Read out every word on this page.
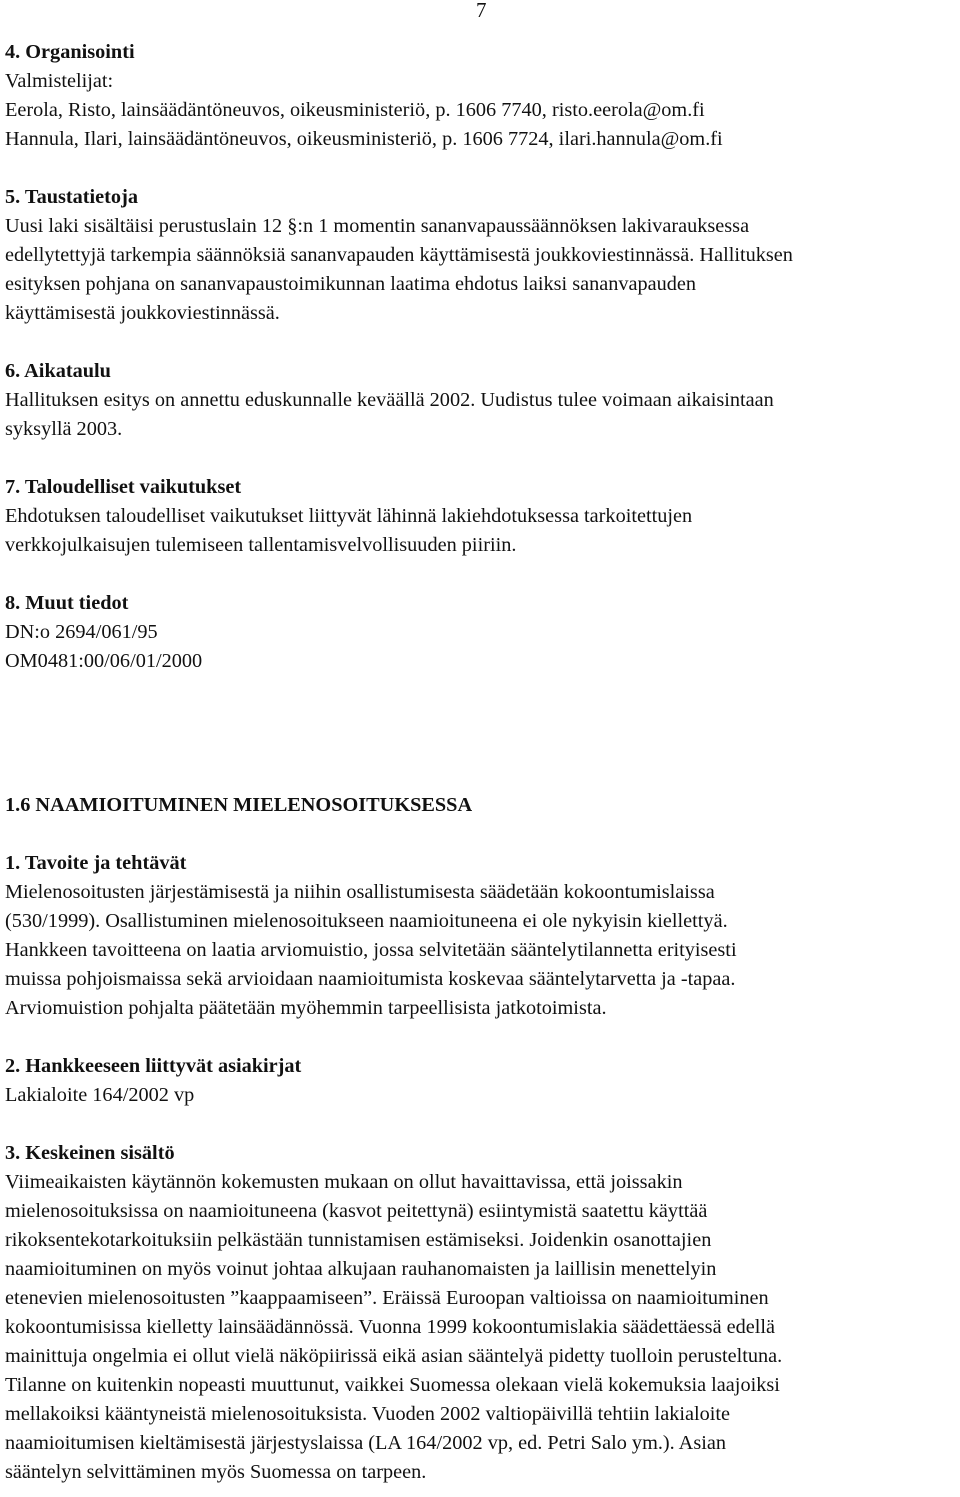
7
4. Organisointi
Valmistelijat:
Eerola, Risto, lainsäädäntöneuvos, oikeusministeriö, p. 1606 7740, risto.eerola@om.fi
Hannula, Ilari, lainsäädäntöneuvos, oikeusministeriö, p. 1606 7724, ilari.hannula@om.fi
5. Taustatietoja
Uusi laki sisältäisi perustuslain 12 §:n 1 momentin sananvapaussäännöksen lakivarauksessa
edellytettyjä tarkempia säännöksiä sananvapauden käyttämisestä joukkoviestinnässä. Hallituksen
esityksen pohjana on sananvapaustoimikunnan laatima ehdotus laiksi sananvapauden
käyttämisestä joukkoviestinnässä.
6. Aikataulu
Hallituksen esitys on annettu eduskunnalle keväällä 2002. Uudistus tulee voimaan aikaisintaan
syksyllä 2003.
7. Taloudelliset vaikutukset
Ehdotuksen taloudelliset vaikutukset liittyvät lähinnä lakiehdotuksessa tarkoitettujen
verkkojulkaisujen tulemiseen tallentamisvelvollisuuden piiriin.
8. Muut tiedot
DN:o 2694/061/95
OM0481:00/06/01/2000
1.6 NAAMIOITUMINEN MIELENOSOITUKSESSA
1. Tavoite ja tehtävät
Mielenosoitusten järjestämisestä ja niihin osallistumisesta säädetään kokoontumislaissa
(530/1999). Osallistuminen mielenosoitukseen naamioituneena ei ole nykyisin kiellettyä.
Hankkeen tavoitteena on laatia arviomuistio, jossa selvitetään sääntelytilannetta erityisesti
muissa pohjoismaissa sekä arvioidaan naamioitumista koskevaa sääntelytarvetta ja -tapaa.
Arviomuistion pohjalta päätetään myöhemmin tarpeellisista jatkotoimista.
2. Hankkeeseen liittyvät asiakirjat
Lakialoite 164/2002 vp
3. Keskeinen sisältö
Viimeaikaisten käytännön kokemusten mukaan on ollut havaittavissa, että joissakin
mielenosoituksissa on naamioituneena (kasvot peitettynä) esiintymistä saatettu käyttää
rikoksentekotarkoituksiin pelkästään tunnistamisen estämiseksi. Joidenkin osanottajien
naamioituminen on myös voinut johtaa alkujaan rauhanomaisten ja laillisin menettelyin
etenevien mielenosoitusten ”kaappaamiseen”. Eräissä Euroopan valtioissa on naamioituminen
kokoontumisissa kielletty lainsäädännössä. Vuonna 1999 kokoontumislakia säädettäessä edellä
mainittuja ongelmia ei ollut vielä näköpiirissä eikä asian sääntelyä pidetty tuolloin perusteltuna.
Tilanne on kuitenkin nopeasti muuttunut, vaikkei Suomessa olekaan vielä kokemuksia laajoiksi
mellakoiksi kääntyneistä mielenosoituksista. Vuoden 2002 valtiopäivillä tehtiin lakialoite
naamioitumisen kieltämisestä järjestyslaissa (LA 164/2002 vp, ed. Petri Salo ym.). Asian
sääntelyn selvittäminen myös Suomessa on tarpeen.
